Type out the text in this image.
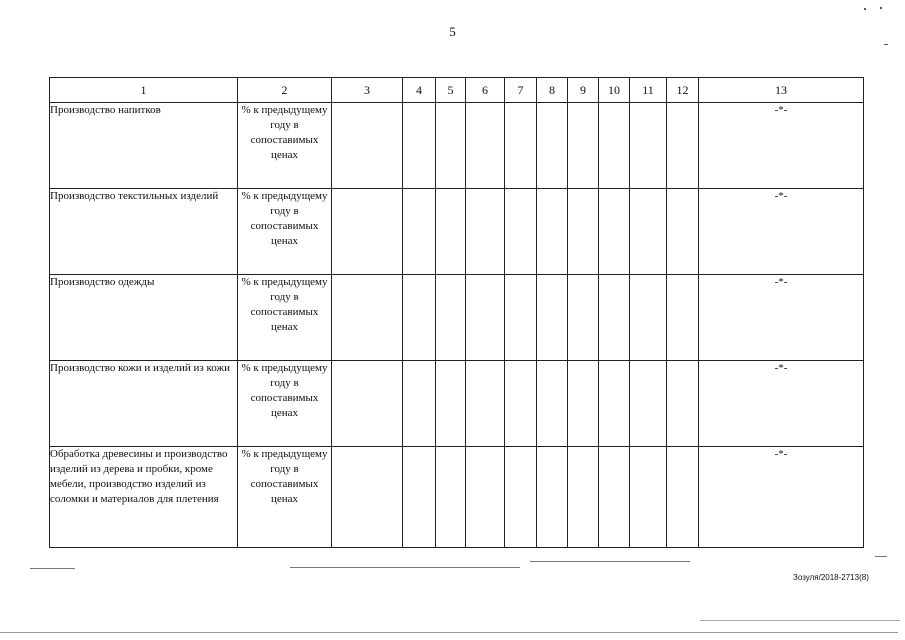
5
1	2	3	4	5	6	7	8	9	10	11	12	13
Производство напитков	% к предыдущему году в сопоставимых ценах											-*-
Производство текстильных изделий	% к предыдущему году в сопоставимых ценах											-*-
Производство одежды	% к предыдущему году в сопоставимых ценах											-*-
Производство кожи и изделий из кожи	% к предыдущему году в сопоставимых ценах											-*-
Обработка древесины и производство изделий из дерева и пробки, кроме мебели, производство изделий из соломки и материалов для плетения	% к предыдущему году в сопоставимых ценах											-*-
Зозуля/2018-2713(8)
